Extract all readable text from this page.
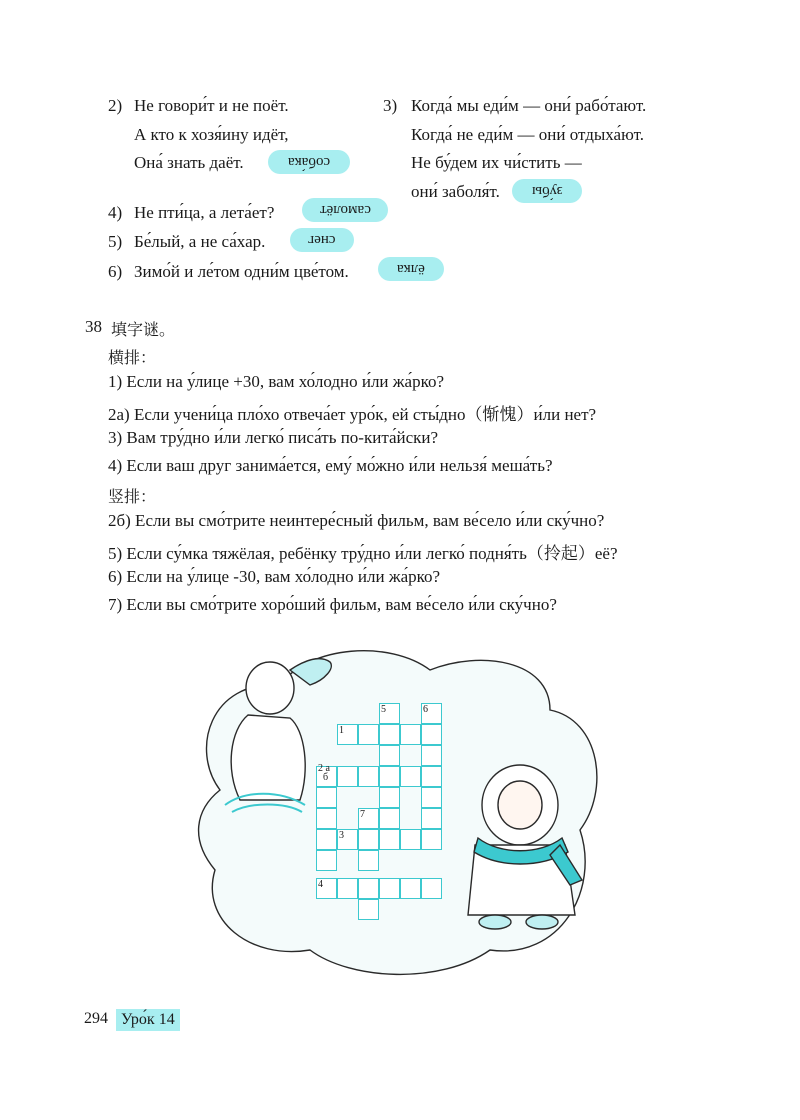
2) Не говори́т и не поёт.
А кто к хозя́ину идёт,
Она́ знать даёт.	соба́ка
3) Когда́ мы еди́м — они́ рабо́тают.
Когда́ не еди́м — они́ отдыха́ют.
Не бу́дем их чи́стить —
они́ заболя́т.	зу́бы
4) Не пти́ца, а лета́ет?	самолёт
5) Бе́лый, а не са́хар.	снег
6) Зимо́й и ле́том одни́м цве́том.	ёлка
38 填字谜。
横排：
1) Если на у́лице +30, вам хо́лодно и́ли жа́рко?
2а) Если учени́ца пло́хо отвеча́ет уро́к, ей сты́дно（惭愧）и́ли нет?
3) Вам тру́дно и́ли легко́ писа́ть по-кита́йски?
4) Если ваш друг занима́ется, ему́ мо́жно и́ли нельзя́ меша́ть?
竖排：
2б) Если вы смо́трите неинтере́сный фильм, вам ве́село и́ли ску́чно?
5) Если су́мка тяжёлая, ребёнку тру́дно и́ли легко́ подня́ть（拎起）её?
6) Если на у́лице -30, вам хо́лодно и́ли жа́рко?
7) Если вы смо́трите хоро́ший фильм, вам ве́село и́ли ску́чно?
5	6
1
2 а
б
7
3
4
294 Уро́к 14
